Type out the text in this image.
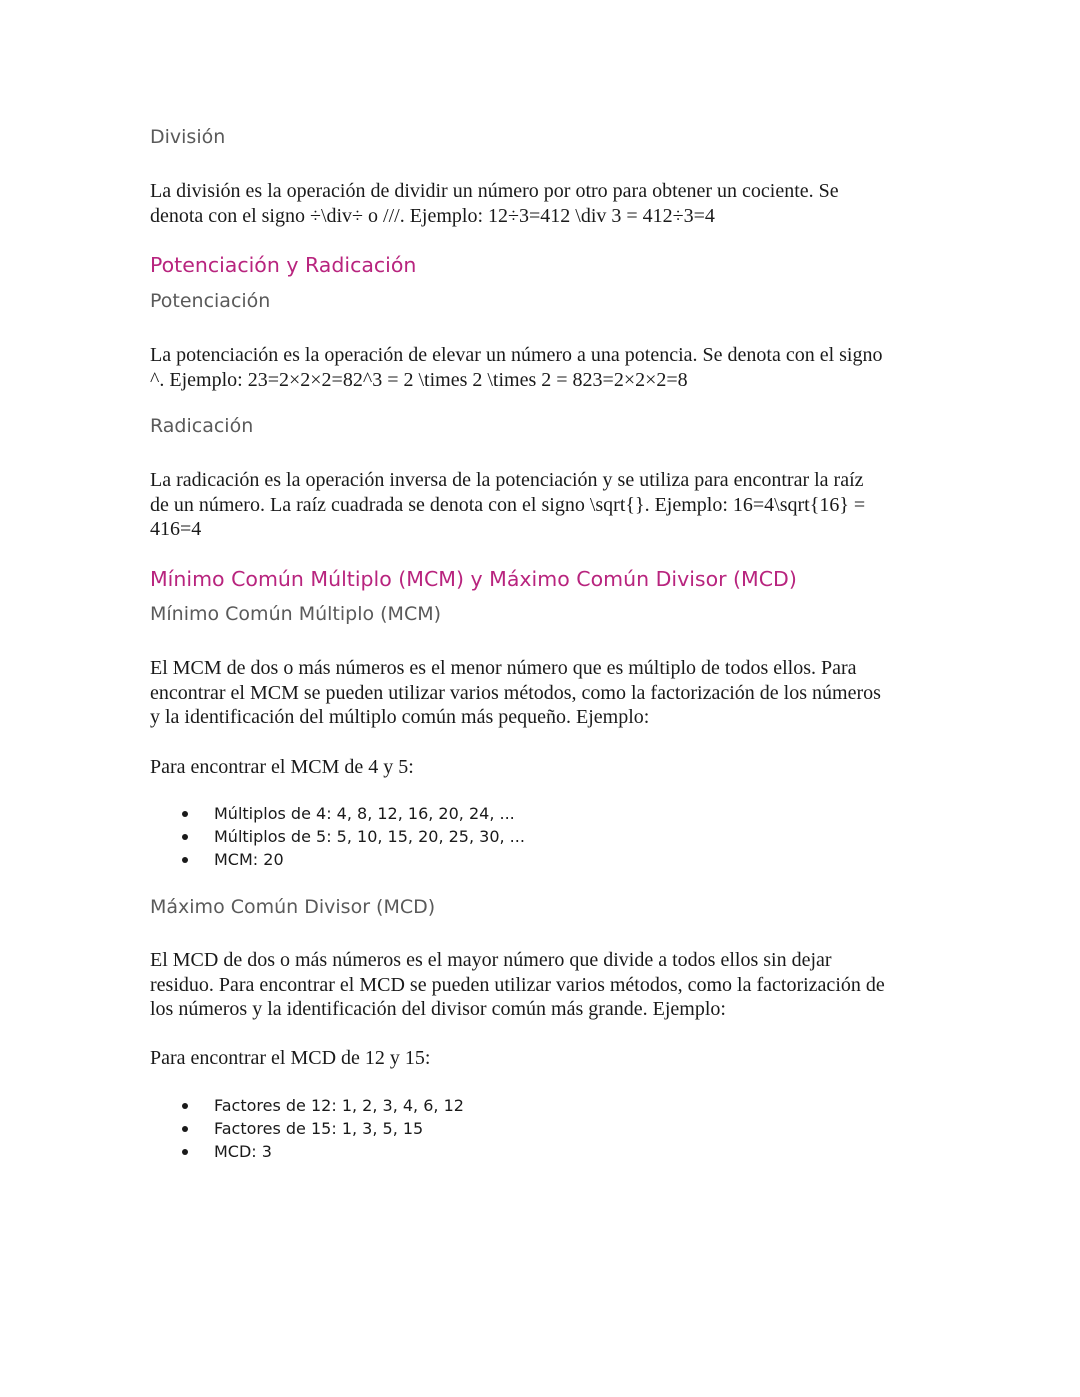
División
La división es la operación de dividir un número por otro para obtener un cociente. Se
denota con el signo ÷\div÷ o ///. Ejemplo: 12÷3=412 \div 3 = 412÷3=4
Potenciación y Radicación
Potenciación
La potenciación es la operación de elevar un número a una potencia. Se denota con el signo
^. Ejemplo: 23=2×2×2=82^3 = 2 \times 2 \times 2 = 823=2×2×2=8
Radicación
La radicación es la operación inversa de la potenciación y se utiliza para encontrar la raíz
de un número. La raíz cuadrada se denota con el signo \sqrt{}. Ejemplo: 16=4\sqrt{16} =
416=4
Mínimo Común Múltiplo (MCM) y Máximo Común Divisor (MCD)
Mínimo Común Múltiplo (MCM)
El MCM de dos o más números es el menor número que es múltiplo de todos ellos. Para
encontrar el MCM se pueden utilizar varios métodos, como la factorización de los números
y la identificación del múltiplo común más pequeño. Ejemplo:
Para encontrar el MCM de 4 y 5:
Múltiplos de 4: 4, 8, 12, 16, 20, 24, ...
Múltiplos de 5: 5, 10, 15, 20, 25, 30, ...
MCM: 20
Máximo Común Divisor (MCD)
El MCD de dos o más números es el mayor número que divide a todos ellos sin dejar
residuo. Para encontrar el MCD se pueden utilizar varios métodos, como la factorización de
los números y la identificación del divisor común más grande. Ejemplo:
Para encontrar el MCD de 12 y 15:
Factores de 12: 1, 2, 3, 4, 6, 12
Factores de 15: 1, 3, 5, 15
MCD: 3
